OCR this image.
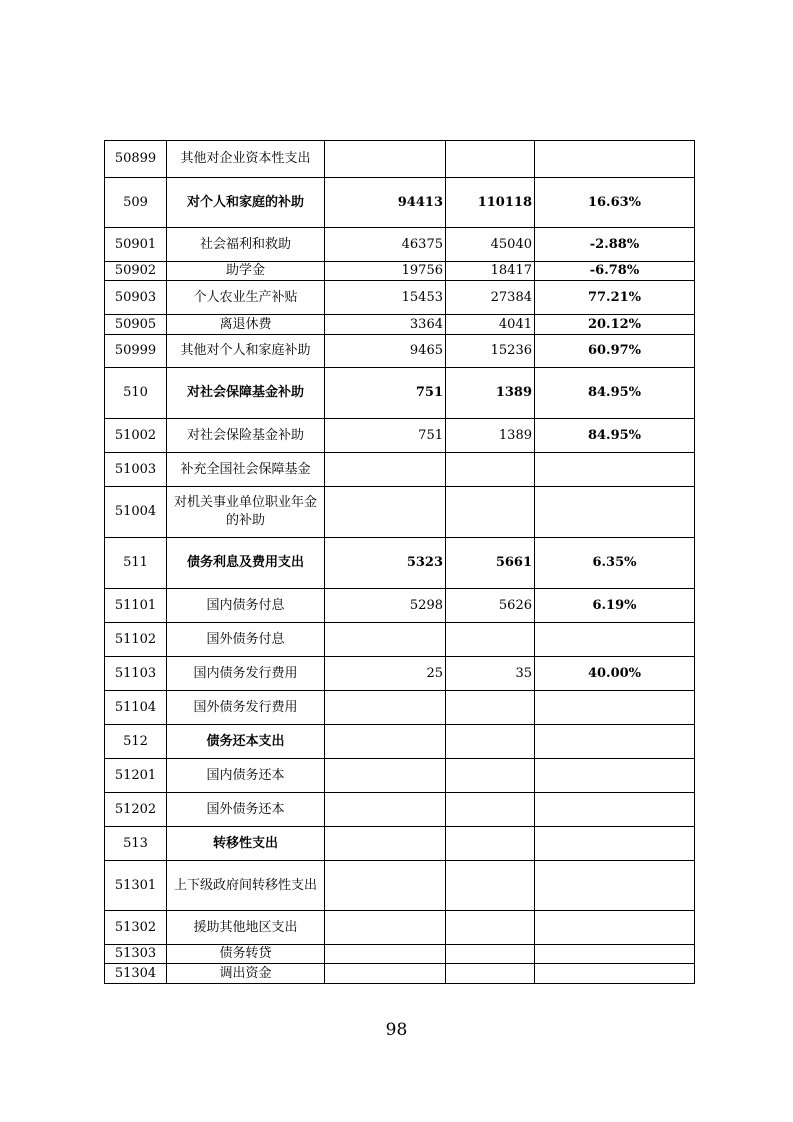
50899	其他对企业资本性支出			
509	对个人和家庭的补助	94413	110118	16.63%
50901	社会福利和救助	46375	45040	-2.88%
50902	助学金	19756	18417	-6.78%
50903	个人农业生产补贴	15453	27384	77.21%
50905	离退休费	3364	4041	20.12%
50999	其他对个人和家庭补助	9465	15236	60.97%
510	对社会保障基金补助	751	1389	84.95%
51002	对社会保险基金补助	751	1389	84.95%
51003	补充全国社会保障基金			
51004	对机关事业单位职业年金的补助			
511	债务利息及费用支出	5323	5661	6.35%
51101	国内债务付息	5298	5626	6.19%
51102	国外债务付息			
51103	国内债务发行费用	25	35	40.00%
51104	国外债务发行费用			
512	债务还本支出			
51201	国内债务还本			
51202	国外债务还本			
513	转移性支出			
51301	上下级政府间转移性支出			
51302	援助其他地区支出			
51303	债务转贷			
51304	调出资金			
98
